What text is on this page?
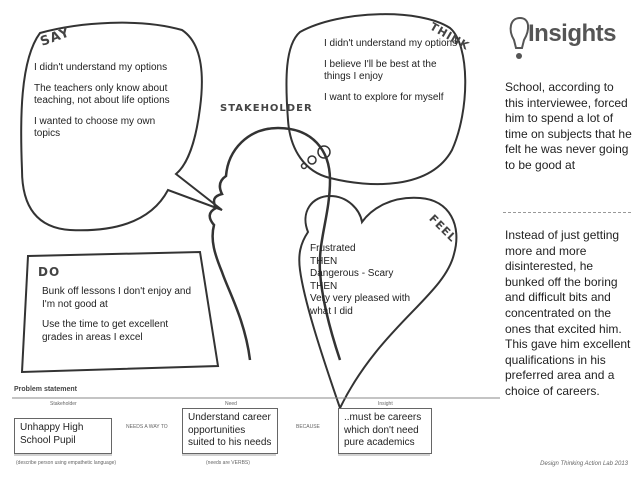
SAY	THINK
STAKEHOLDER
FEEL
DO

I didn't understand my options

The teachers only know about teaching, not about life options

I wanted to choose my own topics

I didn't understand my options

I believe I'll be best at the things I enjoy

I want to explore for myself

Frustrated
THEN
Dangerous - Scary
THEN
Very very pleased with what I did

Bunk off lessons I don't enjoy and I'm not good at

Use the time to get excellent grades in areas I excel

Insights
School, according to this interviewee, forced him to spend a lot of time on subjects that he felt he was never going to be good at
Instead of just getting more and more disinterested, he bunked off the boring and difficult bits and concentrated on the ones that excited him. This gave him excellent qualifications in his preferred area and a choice of careers.
Problem statement
Stakeholder	Need	Insight
NEEDS A WAY TO	BECAUSE
(describe person using empathetic language)	(needs are VERBS)
Unhappy High School Pupil
Understand career opportunities suited to his needs
..must be careers which don't need pure academics
Design Thinking Action Lab 2013
